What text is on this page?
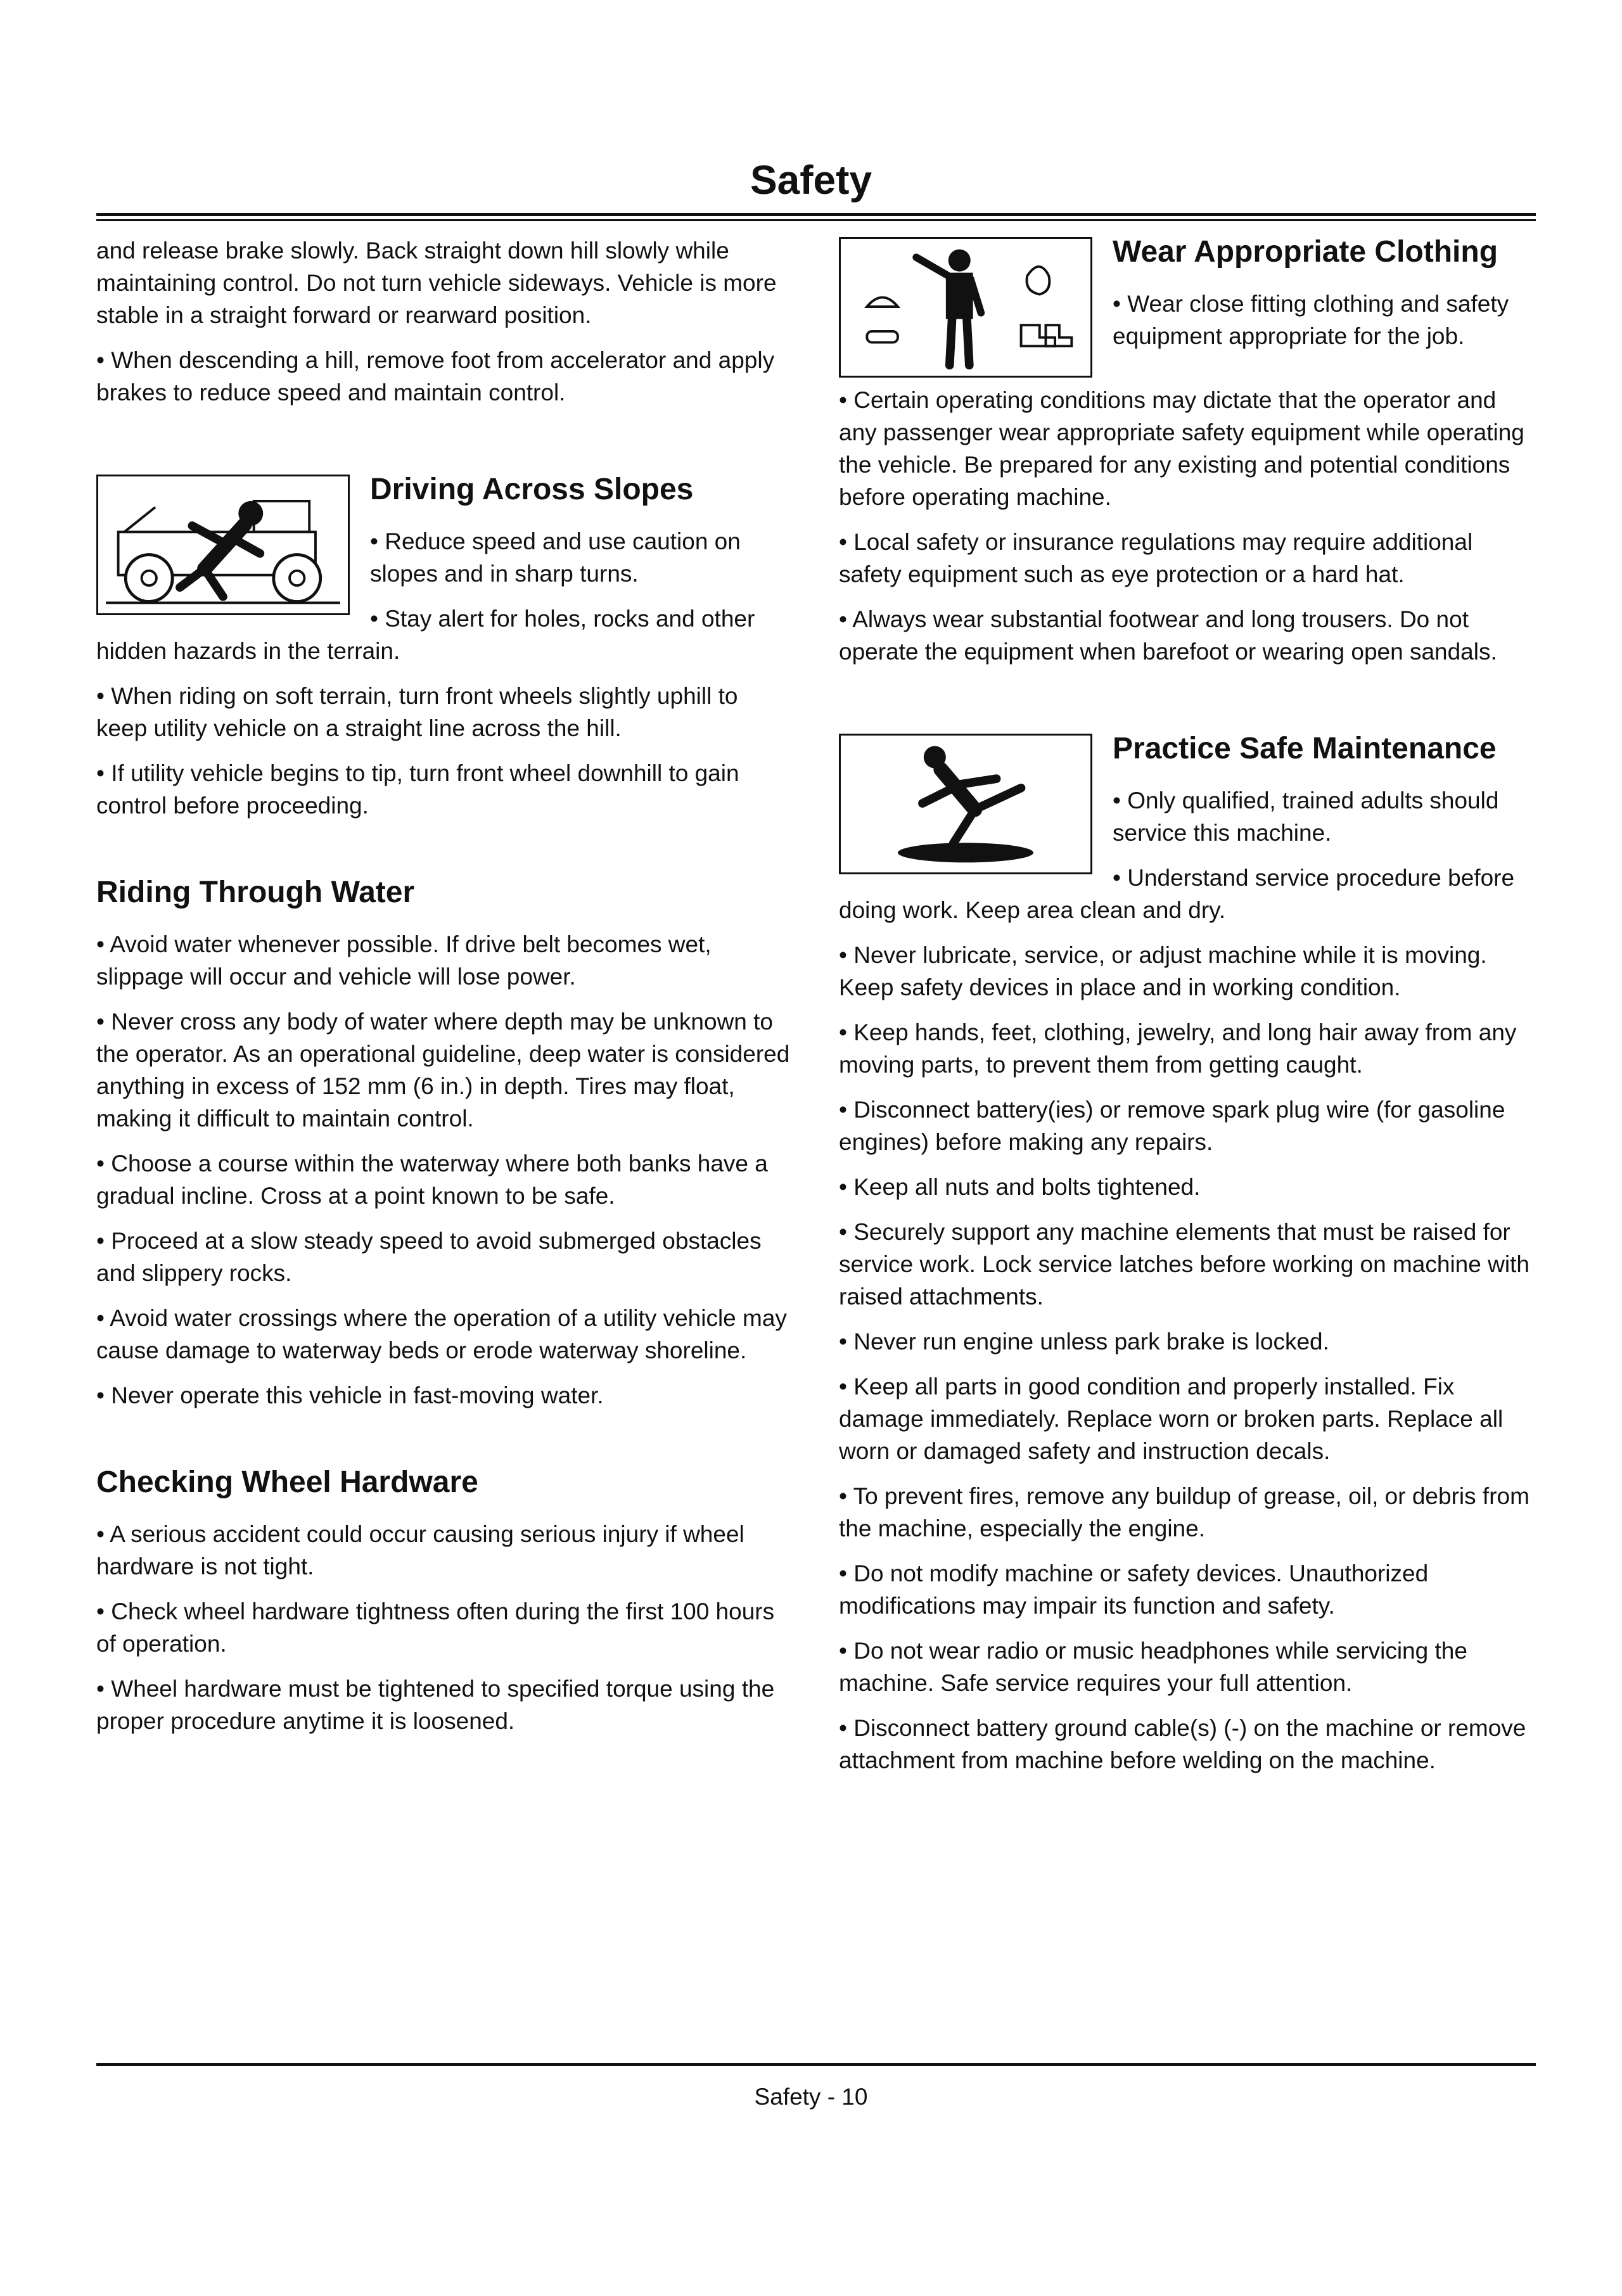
Safety

and release brake slowly. Back straight down hill slowly while maintaining control. Do not turn vehicle sideways. Vehicle is more stable in a straight forward or rearward position.

• When descending a hill, remove foot from accelerator and apply brakes to reduce speed and maintain control.

Driving Across Slopes

• Reduce speed and use caution on slopes and in sharp turns.

• Stay alert for holes, rocks and other hidden hazards in the terrain.

• When riding on soft terrain, turn front wheels slightly uphill to keep utility vehicle on a straight line across the hill.

• If utility vehicle begins to tip, turn front wheel downhill to gain control before proceeding.

Riding Through Water

• Avoid water whenever possible. If drive belt becomes wet, slippage will occur and vehicle will lose power.

• Never cross any body of water where depth may be unknown to the operator. As an operational guideline, deep water is considered anything in excess of 152 mm (6 in.) in depth. Tires may float, making it difficult to maintain control.

• Choose a course within the waterway where both banks have a gradual incline. Cross at a point known to be safe.

• Proceed at a slow steady speed to avoid submerged obstacles and slippery rocks.

• Avoid water crossings where the operation of a utility vehicle may cause damage to waterway beds or erode waterway shoreline.

• Never operate this vehicle in fast-moving water.

Checking Wheel Hardware

• A serious accident could occur causing serious injury if wheel hardware is not tight.

• Check wheel hardware tightness often during the first 100 hours of operation.

• Wheel hardware must be tightened to specified torque using the proper procedure anytime it is loosened.

Wear Appropriate Clothing

• Wear close fitting clothing and safety equipment appropriate for the job.

• Certain operating conditions may dictate that the operator and any passenger wear appropriate safety equipment while operating the vehicle. Be prepared for any existing and potential conditions before operating machine.

• Local safety or insurance regulations may require additional safety equipment such as eye protection or a hard hat.

• Always wear substantial footwear and long trousers. Do not operate the equipment when barefoot or wearing open sandals.

Practice Safe Maintenance

• Only qualified, trained adults should service this machine.

• Understand service procedure before doing work. Keep area clean and dry.

• Never lubricate, service, or adjust machine while it is moving. Keep safety devices in place and in working condition.

• Keep hands, feet, clothing, jewelry, and long hair away from any moving parts, to prevent them from getting caught.

• Disconnect battery(ies) or remove spark plug wire (for gasoline engines) before making any repairs.

• Keep all nuts and bolts tightened.

• Securely support any machine elements that must be raised for service work. Lock service latches before working on machine with raised attachments.

• Never run engine unless park brake is locked.

• Keep all parts in good condition and properly installed. Fix damage immediately. Replace worn or broken parts. Replace all worn or damaged safety and instruction decals.

• To prevent fires, remove any buildup of grease, oil, or debris from the machine, especially the engine.

• Do not modify machine or safety devices. Unauthorized modifications may impair its function and safety.

• Do not wear radio or music headphones while servicing the machine. Safe service requires your full attention.

• Disconnect battery ground cable(s) (-) on the machine or remove attachment from machine before welding on the machine.

Safety - 10
